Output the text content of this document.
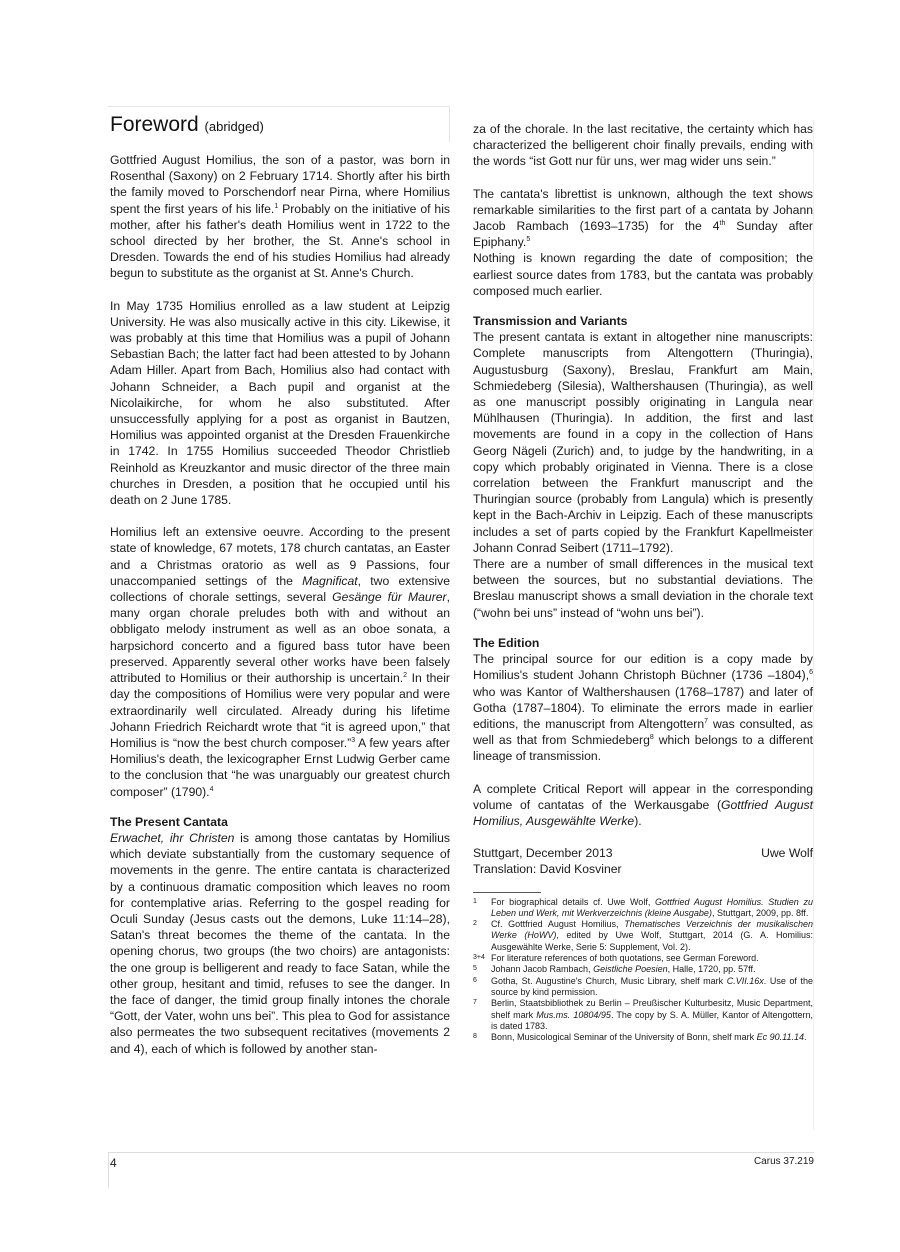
Foreword (abridged)

Gottfried August Homilius, the son of a pastor, was born in Rosenthal (Saxony) on 2 February 1714. Shortly after his birth the family moved to Porschendorf near Pirna, where Homilius spent the first years of his life.$^1$ Probably on the initiative of his mother, after his father's death Homilius went in 1722 to the school directed by her brother, the St. Anne's school in Dresden. Towards the end of his studies Homilius had already begun to substitute as the organist at St. Anne's Church.

In May 1735 Homilius enrolled as a law student at Leipzig University. He was also musically active in this city. Likewise, it was probably at this time that Homilius was a pupil of Johann Sebastian Bach; the latter fact had been attested to by Johann Adam Hiller. Apart from Bach, Homilius also had contact with Johann Schneider, a Bach pupil and organist at the Nicolaikirche, for whom he also substituted. After unsuccessfully applying for a post as organist in Bautzen, Homilius was appointed organist at the Dresden Frauenkirche in 1742. In 1755 Homilius succeeded Theodor Christlieb Reinhold as Kreuzkantor and music director of the three main churches in Dresden, a position that he occupied until his death on 2 June 1785.

Homilius left an extensive oeuvre. According to the present state of knowledge, 67 motets, 178 church cantatas, an Easter and a Christmas oratorio as well as 9 Passions, four unaccompanied settings of the Magnificat, two extensive collections of chorale settings, several Gesänge für Maurer, many organ chorale preludes both with and without an obbligato melody instrument as well as an oboe sonata, a harpsichord concerto and a figured bass tutor have been preserved. Apparently several other works have been falsely attributed to Homilius or their authorship is uncertain.$^2$ In their day the compositions of Homilius were very popular and were extraordinarily well circulated. Already during his lifetime Johann Friedrich Reichardt wrote that “it is agreed upon,” that Homilius is “now the best church composer.”$^3$ A few years after Homilius's death, the lexicographer Ernst Ludwig Gerber came to the conclusion that “he was unarguably our greatest church composer” (1790).$^4$

The Present Cantata

Erwachet, ihr Christen is among those cantatas by Homilius which deviate substantially from the customary sequence of movements in the genre. The entire cantata is characterized by a continuous dramatic composition which leaves no room for contemplative arias. Referring to the gospel reading for Oculi Sunday (Jesus casts out the demons, Luke 11:14–28), Satan's threat becomes the theme of the cantata. In the opening chorus, two groups (the two choirs) are antagonists: the one group is belligerent and ready to face Satan, while the other group, hesitant and timid, refuses to see the danger. In the face of danger, the timid group finally intones the chorale “Gott, der Vater, wohn uns bei”. This plea to God for assistance also permeates the two subsequent recitatives (movements 2 and 4), each of which is followed by another stan-

za of the chorale. In the last recitative, the certainty which has characterized the belligerent choir finally prevails, ending with the words “ist Gott nur für uns, wer mag wider uns sein.”

The cantata's librettist is unknown, although the text shows remarkable similarities to the first part of a cantata by Johann Jacob Rambach (1693–1735) for the 4th Sunday after Epiphany.$^5$

Nothing is known regarding the date of composition; the earliest source dates from 1783, but the cantata was probably composed much earlier.

Transmission and Variants

The present cantata is extant in altogether nine manuscripts: Complete manuscripts from Altengottern (Thuringia), Augustusburg (Saxony), Breslau, Frankfurt am Main, Schmiedeberg (Silesia), Walthershausen (Thuringia), as well as one manuscript possibly originating in Langula near Mühlhausen (Thuringia). In addition, the first and last movements are found in a copy in the collection of Hans Georg Nägeli (Zurich) and, to judge by the handwriting, in a copy which probably originated in Vienna. There is a close correlation between the Frankfurt manuscript and the Thuringian source (probably from Langula) which is presently kept in the Bach-Archiv in Leipzig. Each of these manuscripts includes a set of parts copied by the Frankfurt Kapellmeister Johann Conrad Seibert (1711–1792).

There are a number of small differences in the musical text between the sources, but no substantial deviations. The Breslau manuscript shows a small deviation in the chorale text (“wohn bei uns” instead of “wohn uns bei”).

The Edition

The principal source for our edition is a copy made by Homilius's student Johann Christoph Büchner (1736 –1804),$^6$ who was Kantor of Walthershausen (1768–1787) and later of Gotha (1787–1804). To eliminate the errors made in earlier editions, the manuscript from Altengottern$^7$ was consulted, as well as that from Schmiedeberg$^8$ which belongs to a different lineage of transmission.

A complete Critical Report will appear in the corresponding volume of cantatas of the Werkausgabe (Gottfried August Homilius, Ausgewählte Werke).

Stuttgart, December 2013	Uwe Wolf

Translation: David Kosviner

1	For biographical details cf. Uwe Wolf, Gottfried August Homilius. Studien zu Leben und Werk, mit Werkverzeichnis (kleine Ausgabe), Stuttgart, 2009, pp. 8ff.
2	Cf. Gottfried August Homilius, Thematisches Verzeichnis der musikalischen Werke (HoWV), edited by Uwe Wolf, Stuttgart, 2014 (G. A. Homilius: Ausgewählte Werke, Serie 5: Supplement, Vol. 2).
3+4 For literature references of both quotations, see German Foreword.
5	Johann Jacob Rambach, Geistliche Poesien, Halle, 1720, pp. 57ff.
6	Gotha, St. Augustine's Church, Music Library, shelf mark C.VII.16x. Use of the source by kind permission.
7	Berlin, Staatsbibliothek zu Berlin – Preußischer Kulturbesitz, Music Department, shelf mark Mus.ms. 10804/95. The copy by S. A. Müller, Kantor of Altengottern, is dated 1783.
8	Bonn, Musicological Seminar of the University of Bonn, shelf mark Ec 90.11.14.
4	Carus 37.219
